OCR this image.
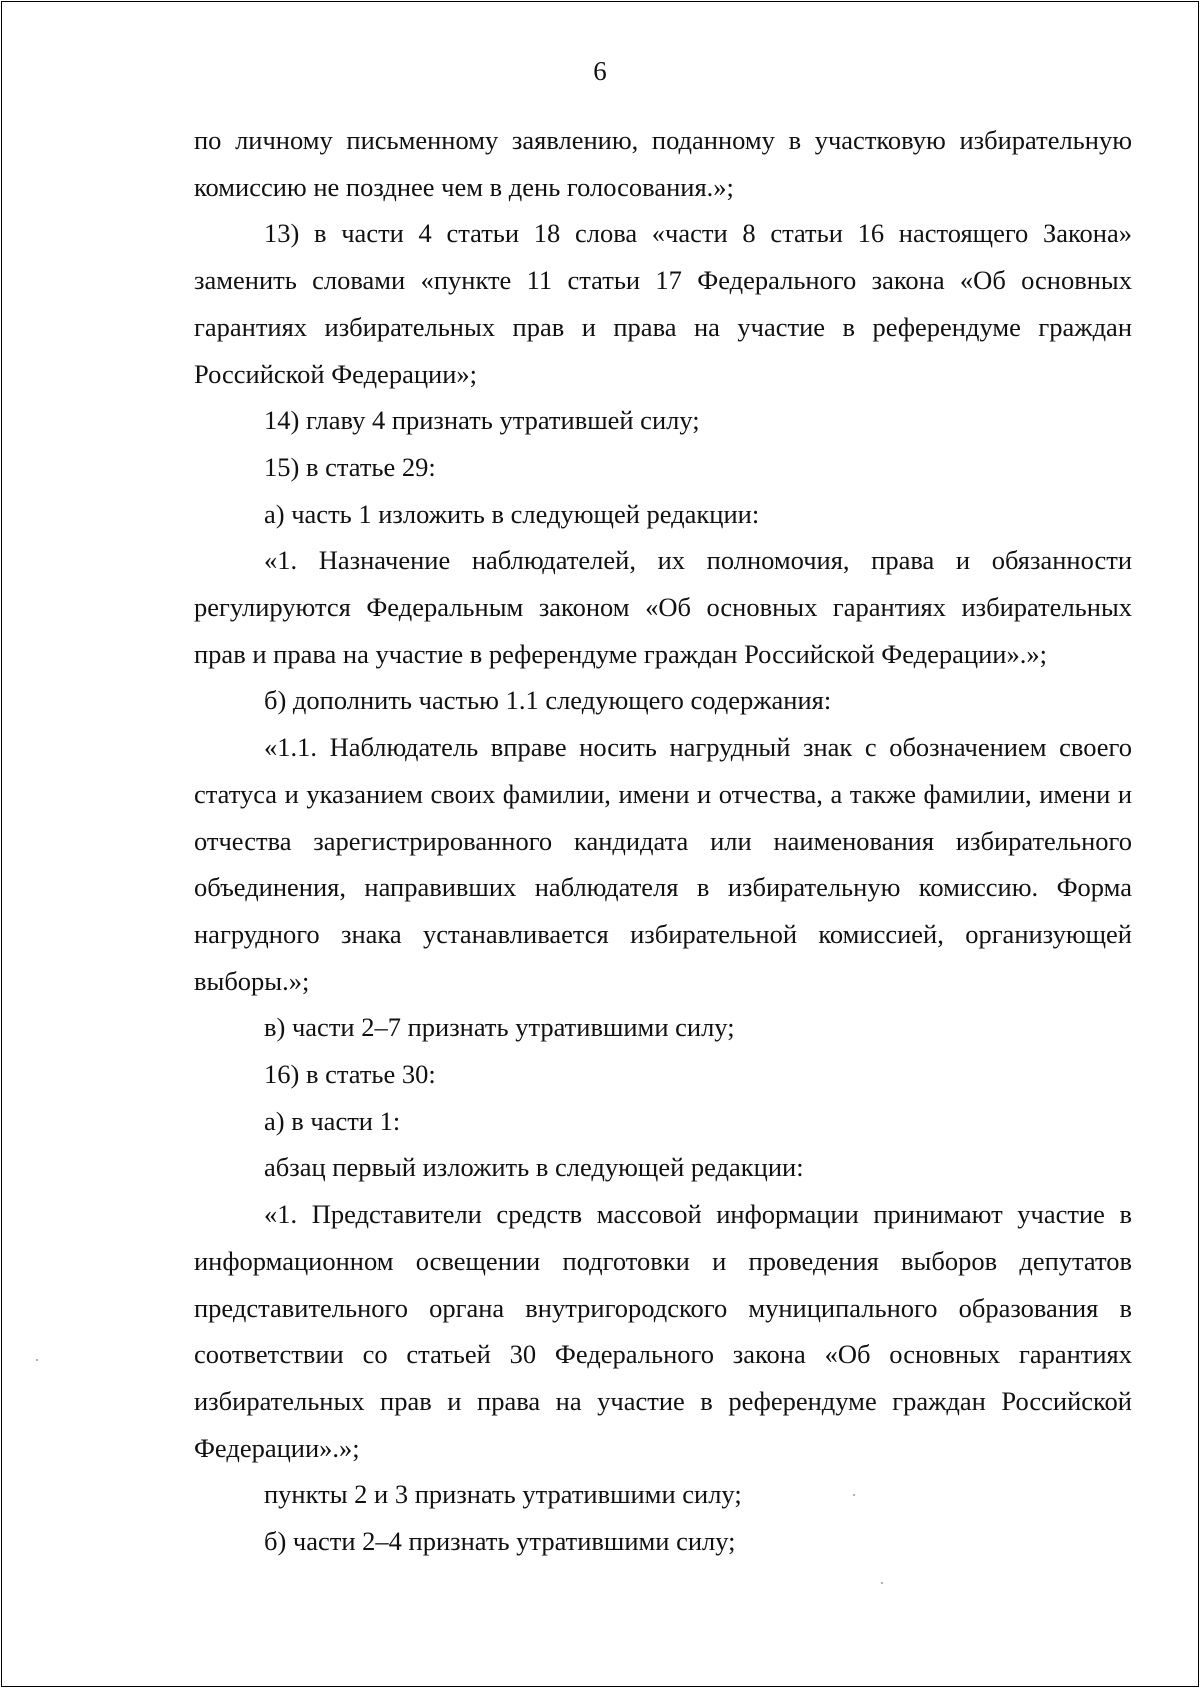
6

по личному письменному заявлению, поданному в участковую избирательную комиссию не позднее чем в день голосования.»;

13) в части 4 статьи 18 слова «части 8 статьи 16 настоящего Закона» заменить словами «пункте 11 статьи 17 Федерального закона «Об основных гарантиях избирательных прав и права на участие в референдуме граждан Российской Федерации»;

14) главу 4 признать утратившей силу;

15) в статье 29:

а) часть 1 изложить в следующей редакции:

«1. Назначение наблюдателей, их полномочия, права и обязанности регулируются Федеральным законом «Об основных гарантиях избирательных прав и права на участие в референдуме граждан Российской Федерации».»;

б) дополнить частью 1.1 следующего содержания:

«1.1. Наблюдатель вправе носить нагрудный знак с обозначением своего статуса и указанием своих фамилии, имени и отчества, а также фамилии, имени и отчества зарегистрированного кандидата или наименования избирательного объединения, направивших наблюдателя в избирательную комиссию. Форма нагрудного знака устанавливается избирательной комиссией, организующей выборы.»;

в) части 2–7 признать утратившими силу;

16) в статье 30:

а) в части 1:

абзац первый изложить в следующей редакции:

«1. Представители средств массовой информации принимают участие в информационном освещении подготовки и проведения выборов депутатов представительного органа внутригородского муниципального образования в соответствии со статьей 30 Федерального закона «Об основных гарантиях избирательных прав и права на участие в референдуме граждан Российской Федерации».»;

пункты 2 и 3 признать утратившими силу;

б) части 2–4 признать утратившими силу;
